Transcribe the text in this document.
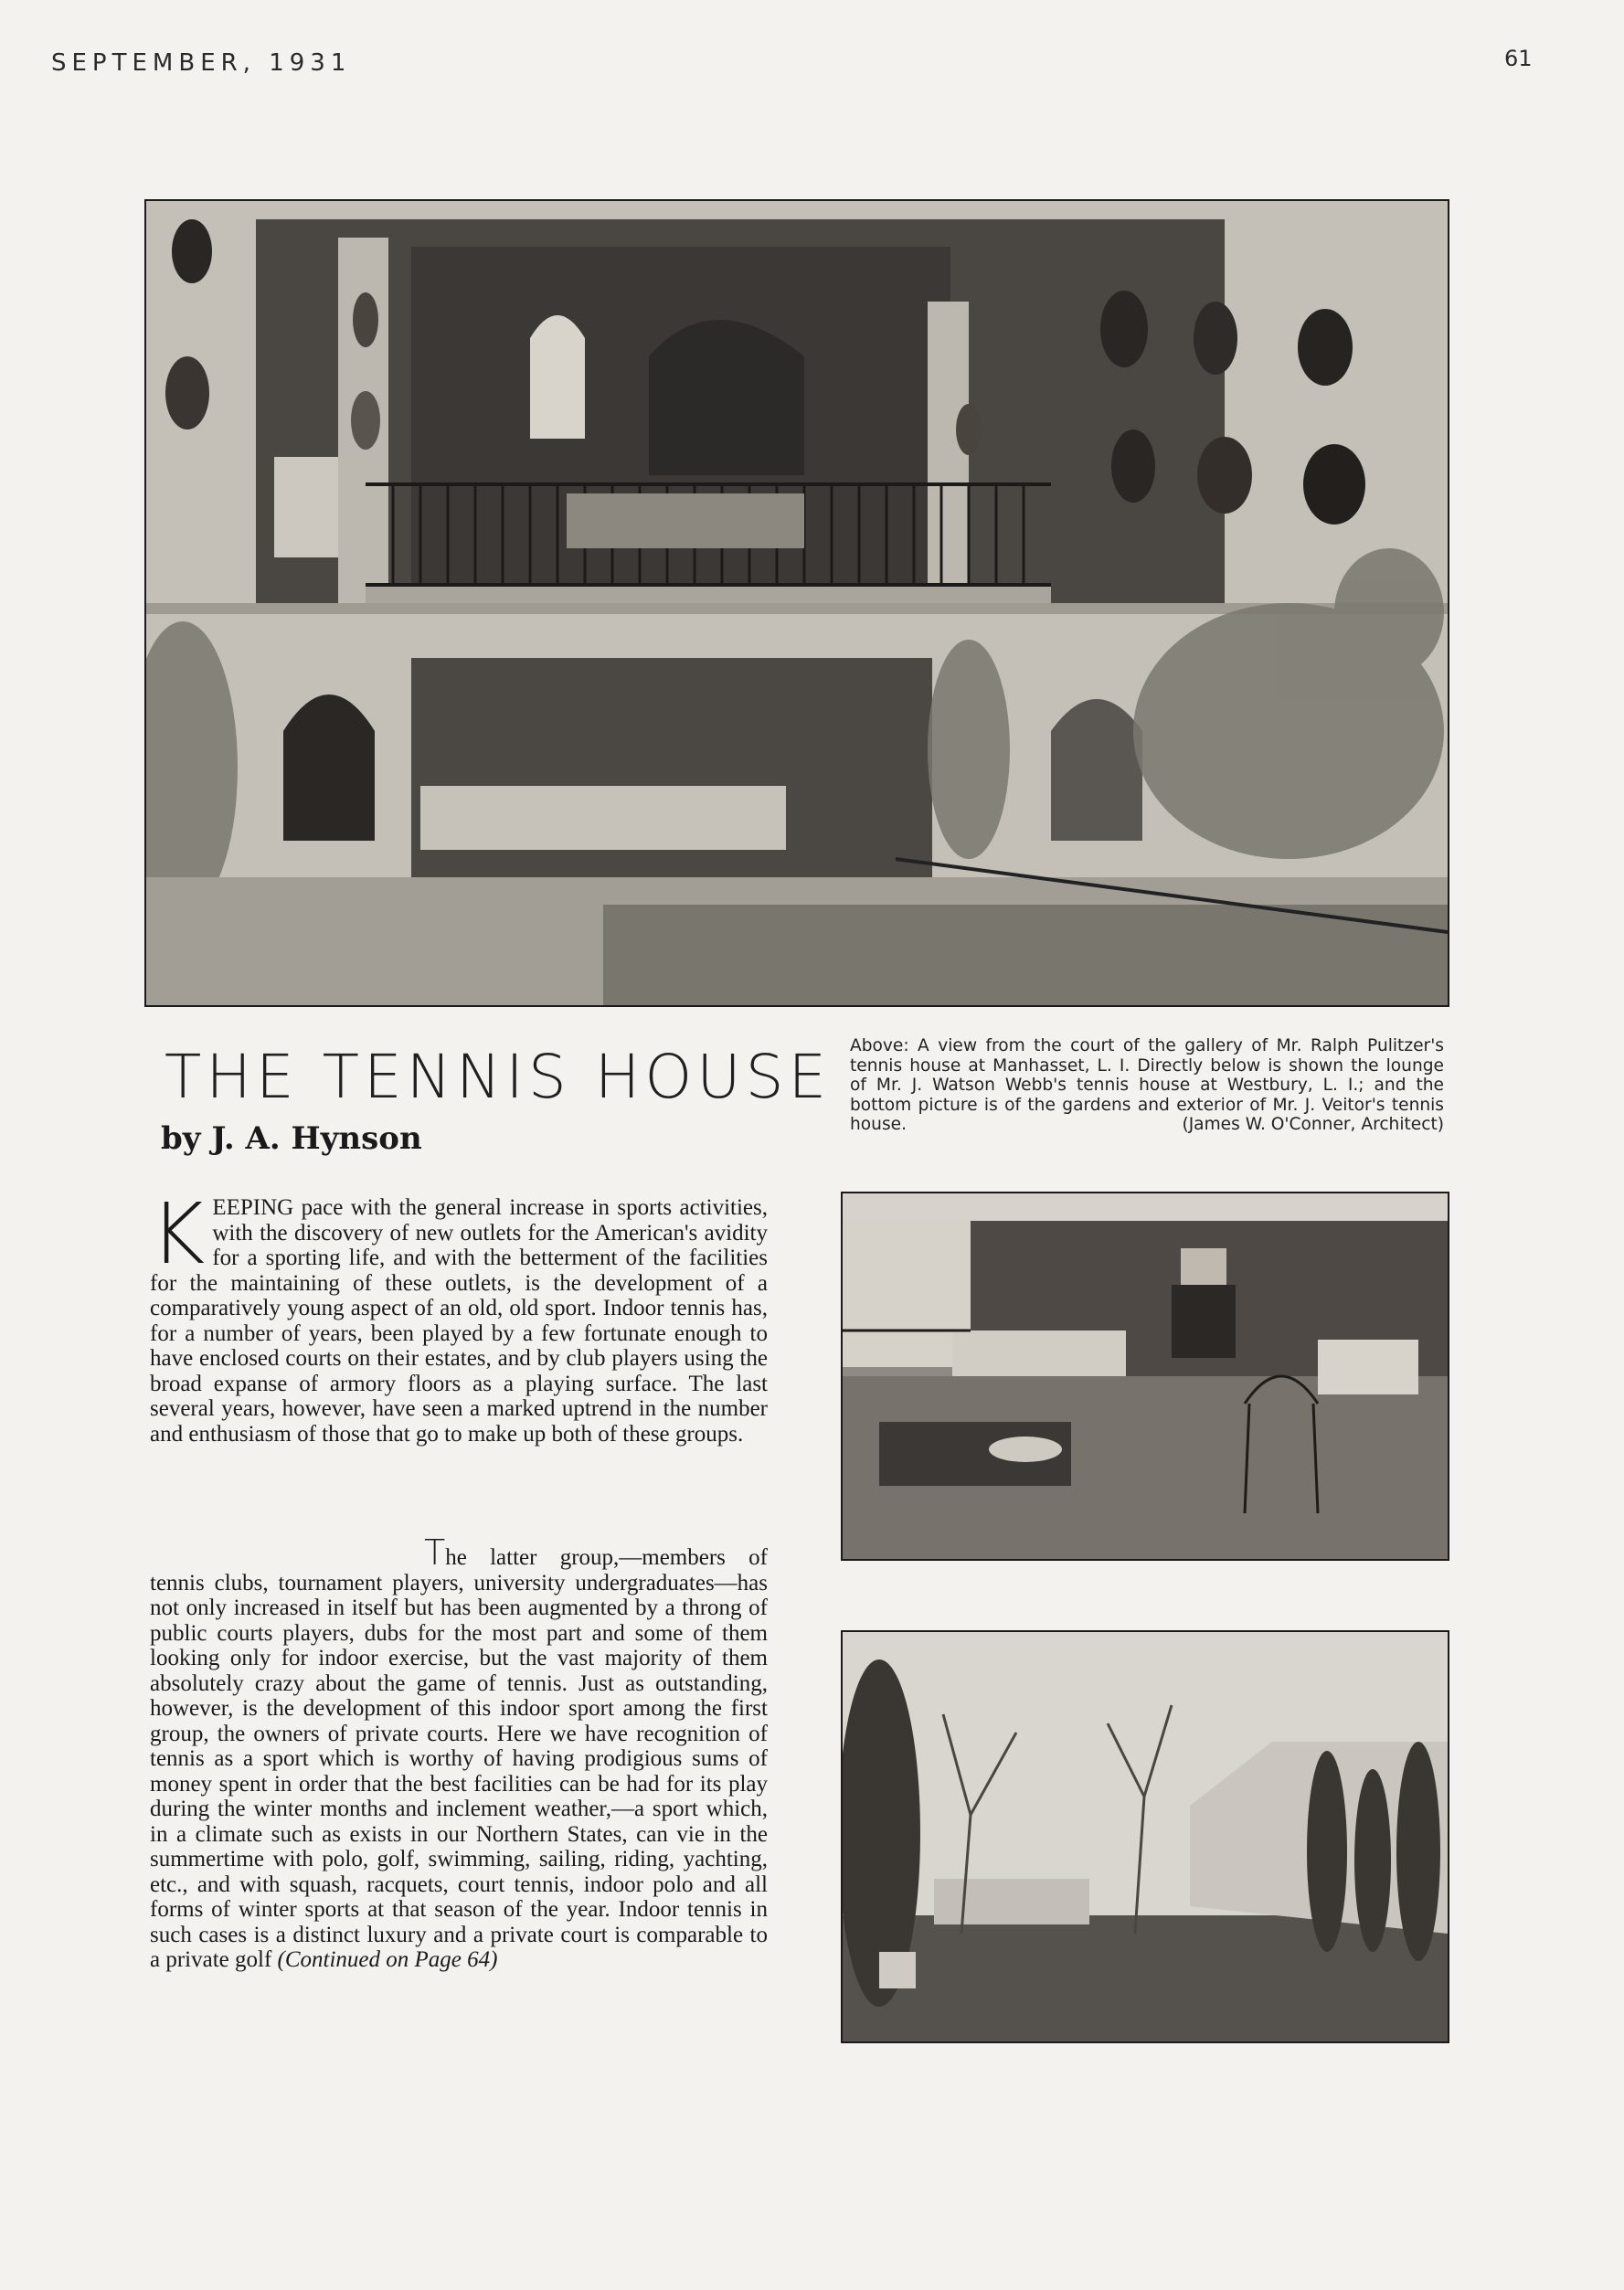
SEPTEMBER, 1931	61
THE TENNIS HOUSE
by J. A. Hynson
Above: A view from the court of the gallery of Mr. Ralph Pulitzer's tennis house at Manhasset, L. I. Directly below is shown the lounge of Mr. J. Watson Webb's tennis house at Westbury, L. I.; and the bottom picture is of the gardens and exterior of Mr. J. Veitor's tennis house.	(James W. O'Conner, Architect)
KEEPING pace with the general increase in sports activities, with the discovery of new outlets for the American's avidity for a sporting life, and with the betterment of the facilities for the maintaining of these outlets, is the development of a comparatively young aspect of an old, old sport. Indoor tennis has, for a number of years, been played by a few fortunate enough to have enclosed courts on their estates, and by club players using the broad expanse of armory floors as a playing surface. The last several years, however, have seen a marked uptrend in the number and enthusiasm of those that go to make up both of these groups.
The latter group,—members of tennis clubs, tournament players, university undergraduates—has not only increased in itself but has been augmented by a throng of public courts players, dubs for the most part and some of them looking only for indoor exercise, but the vast majority of them absolutely crazy about the game of tennis. Just as outstanding, however, is the development of this indoor sport among the first group, the owners of private courts. Here we have recognition of tennis as a sport which is worthy of having prodigious sums of money spent in order that the best facilities can be had for its play during the winter months and inclement weather,—a sport which, in a climate such as exists in our Northern States, can vie in the summertime with polo, golf, swimming, sailing, riding, yachting, etc., and with squash, racquets, court tennis, indoor polo and all forms of winter sports at that season of the year. Indoor tennis in such cases is a distinct luxury and a private court is comparable to a private golf (Continued on Page 64)
